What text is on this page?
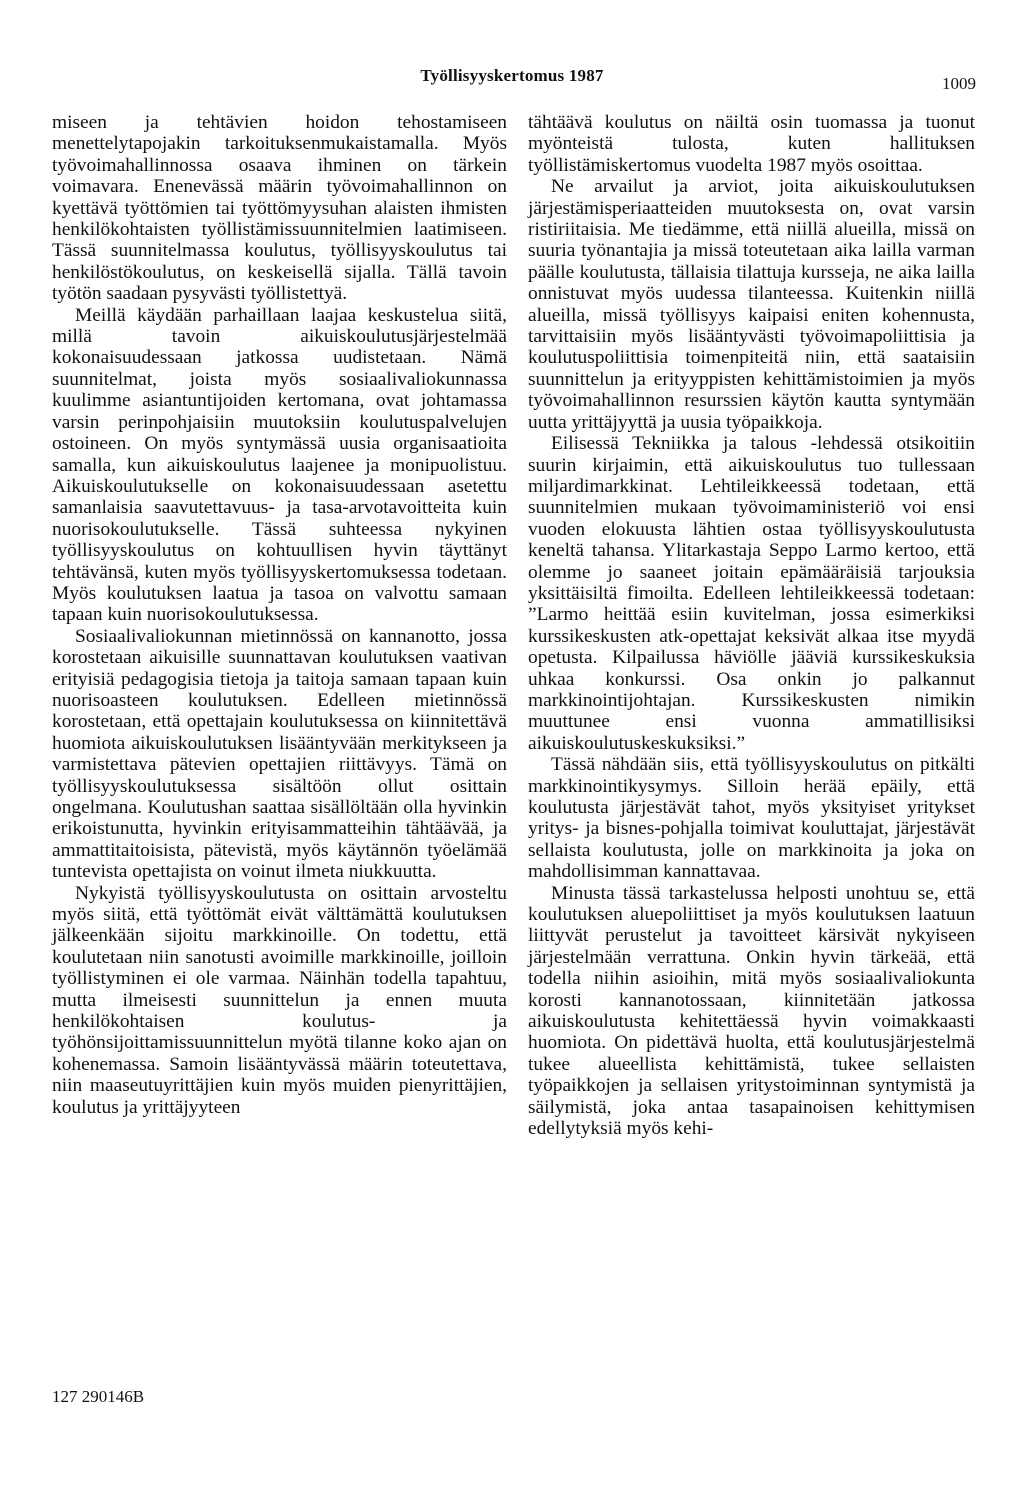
Työllisyyskertomus 1987	1009

miseen ja tehtävien hoidon tehostamiseen menettelytapojakin tarkoituksenmukaistamalla. Myös työvoimahallinnossa osaava ihminen on tärkein voimavara. Enenevässä määrin työvoimahallinnon on kyettävä työttömien tai työttömyysuhan alaisten ihmisten henkilökohtaisten työllistämissuunnitelmien laatimiseen. Tässä suunnitelmassa koulutus, työllisyyskoulutus tai henkilöstökoulutus, on keskeisellä sijalla. Tällä tavoin työtön saadaan pysyvästi työllistettyä.

Meillä käydään parhaillaan laajaa keskustelua siitä, millä tavoin aikuiskoulutusjärjestelmää kokonaisuudessaan jatkossa uudistetaan. Nämä suunnitelmat, joista myös sosiaalivaliokunnassa kuulimme asiantuntijoiden kertomana, ovat johtamassa varsin perinpohjaisiin muutoksiin koulutuspalvelujen ostoineen. On myös syntymässä uusia organisaatioita samalla, kun aikuiskoulutus laajenee ja monipuolistuu. Aikuiskoulutukselle on kokonaisuudessaan asetettu samanlaisia saavutettavuus- ja tasa-arvotavoitteita kuin nuorisokoulutukselle. Tässä suhteessa nykyinen työllisyyskoulutus on kohtuullisen hyvin täyttänyt tehtävänsä, kuten myös työllisyyskertomuksessa todetaan. Myös koulutuksen laatua ja tasoa on valvottu samaan tapaan kuin nuorisokoulutuksessa.

Sosiaalivaliokunnan mietinnössä on kannanotto, jossa korostetaan aikuisille suunnattavan koulutuksen vaativan erityisiä pedagogisia tietoja ja taitoja samaan tapaan kuin nuorisoasteen koulutuksen. Edelleen mietinnössä korostetaan, että opettajain koulutuksessa on kiinnitettävä huomiota aikuiskoulutuksen lisääntyvään merkitykseen ja varmistettava pätevien opettajien riittävyys. Tämä on työllisyyskoulutuksessa sisältöön ollut osittain ongelmana. Koulutushan saattaa sisällöltään olla hyvinkin erikoistunutta, hyvinkin erityisammatteihin tähtäävää, ja ammattitaitoisista, pätevistä, myös käytännön työelämää tuntevista opettajista on voinut ilmeta niukkuutta.

Nykyistä työllisyyskoulutusta on osittain arvosteltu myös siitä, että työttömät eivät välttämättä koulutuksen jälkeenkään sijoitu markkinoille. On todettu, että koulutetaan niin sanotusti avoimille markkinoille, joilloin työllistyminen ei ole varmaa. Näinhän todella tapahtuu, mutta ilmeisesti suunnittelun ja ennen muuta henkilökohtaisen koulutus- ja työhönsijoittamissuunnittelun myötä tilanne koko ajan on kohenemassa. Samoin lisääntyvässä määrin toteutettava, niin maaseutuyrittäjien kuin myös muiden pienyrittäjien, koulutus ja yrittäjyyteen

tähtäävä koulutus on näiltä osin tuomassa ja tuonut myönteistä tulosta, kuten hallituksen työllistämiskertomus vuodelta 1987 myös osoittaa.

Ne arvailut ja arviot, joita aikuiskoulutuksen järjestämisperiaatteiden muutoksesta on, ovat varsin ristiriitaisia. Me tiedämme, että niillä alueilla, missä on suuria työnantajia ja missä toteutetaan aika lailla varman päälle koulutusta, tällaisia tilattuja kursseja, ne aika lailla onnistuvat myös uudessa tilanteessa. Kuitenkin niillä alueilla, missä työllisyys kaipaisi eniten kohennusta, tarvittaisiin myös lisääntyvästi työvoimapoliittisia ja koulutuspoliittisia toimenpiteitä niin, että saataisiin suunnittelun ja erityyppisten kehittämistoimien ja myös työvoimahallinnon resurssien käytön kautta syntymään uutta yrittäjyyttä ja uusia työpaikkoja.

Eilisessä Tekniikka ja talous -lehdessä otsikoitiin suurin kirjaimin, että aikuiskoulutus tuo tullessaan miljardimarkkinat. Lehtileikkeessä todetaan, että suunnitelmien mukaan työvoimaministeriö voi ensi vuoden elokuusta lähtien ostaa työllisyyskoulutusta keneltä tahansa. Ylitarkastaja Seppo Larmo kertoo, että olemme jo saaneet joitain epämääräisiä tarjouksia yksittäisiltä fimoilta. Edelleen lehtileikkeessä todetaan: ”Larmo heittää esiin kuvitelman, jossa esimerkiksi kurssikeskusten atk-opettajat keksivät alkaa itse myydä opetusta. Kilpailussa häviölle jääviä kurssikeskuksia uhkaa konkurssi. Osa onkin jo palkannut markkinointijohtajan. Kurssikeskusten nimikin muuttunee ensi vuonna ammatillisiksi aikuiskoulutuskeskuksiksi.”

Tässä nähdään siis, että työllisyyskoulutus on pitkälti markkinointikysymys. Silloin herää epäily, että koulutusta järjestävät tahot, myös yksityiset yritykset yritys- ja bisnes-pohjalla toimivat kouluttajat, järjestävät sellaista koulutusta, jolle on markkinoita ja joka on mahdollisimman kannattavaa.

Minusta tässä tarkastelussa helposti unohtuu se, että koulutuksen aluepoliittiset ja myös koulutuksen laatuun liittyvät perustelut ja tavoitteet kärsivät nykyiseen järjestelmään verrattuna. Onkin hyvin tärkeää, että todella niihin asioihin, mitä myös sosiaalivaliokunta korosti kannanotossaan, kiinnitetään jatkossa aikuiskoulutusta kehitettäessä hyvin voimakkaasti huomiota. On pidettävä huolta, että koulutusjärjestelmä tukee alueellista kehittämistä, tukee sellaisten työpaikkojen ja sellaisen yritystoiminnan syntymistä ja säilymistä, joka antaa tasapainoisen kehittymisen edellytyksiä myös kehi-

127 290146B
